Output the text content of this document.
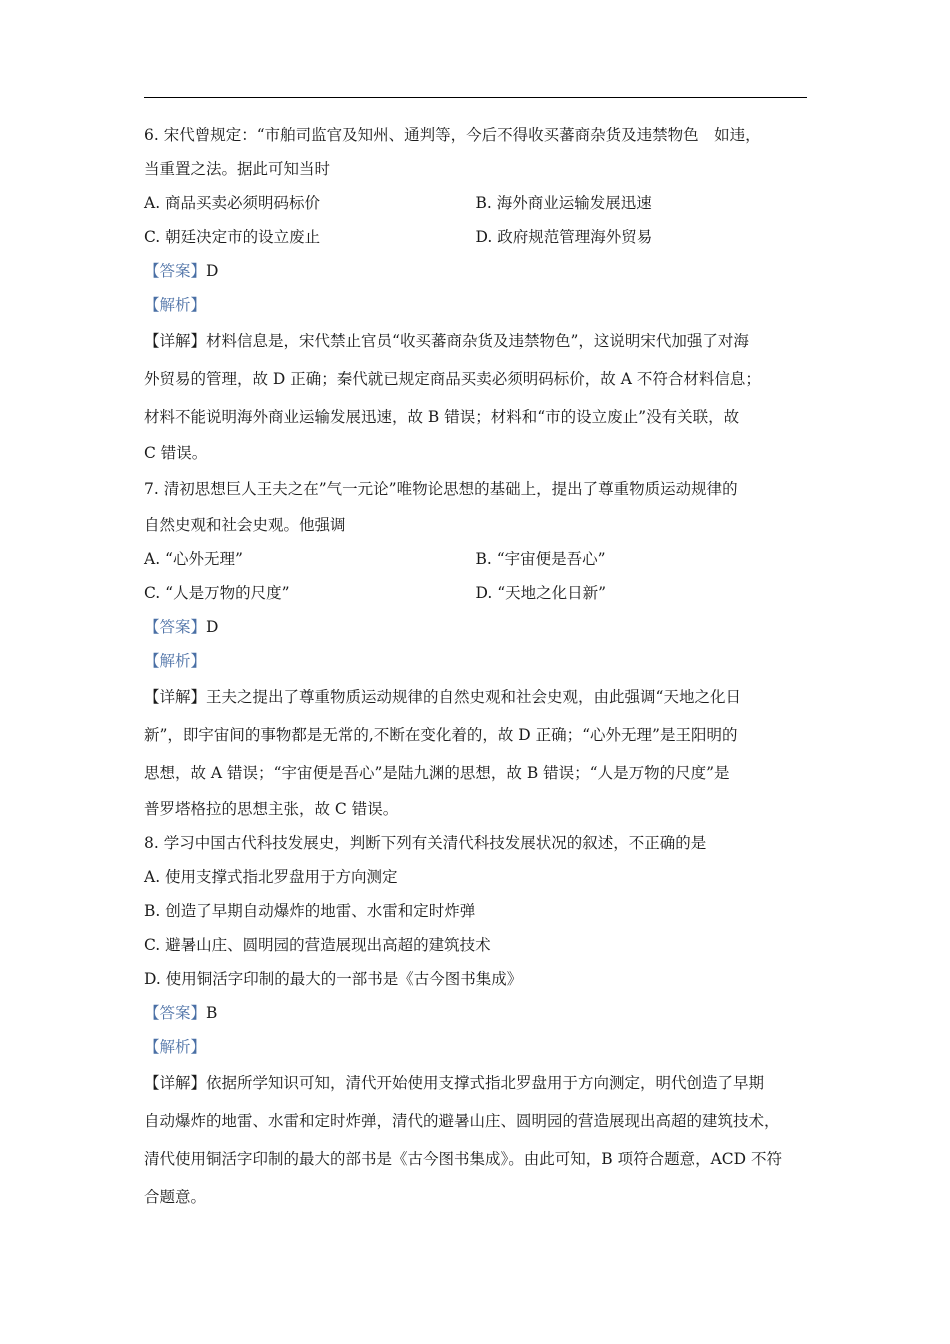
6. 宋代曾规定：“市舶司监官及知州、通判等，今后不得收买蕃商杂货及违禁物色　如违，
当重置之法。据此可知当时
A. 商品买卖必须明码标价	B. 海外商业运输发展迅速
C. 朝廷决定市的设立废止	D. 政府规范管理海外贸易
【答案】D
【解析】
【详解】材料信息是，宋代禁止官员“收买蕃商杂货及违禁物色”，这说明宋代加强了对海
外贸易的管理，故 D 正确；秦代就已规定商品买卖必须明码标价，故 A 不符合材料信息；
材料不能说明海外商业运输发展迅速，故 B 错误；材料和“市的设立废止”没有关联，故
C 错误。
7. 清初思想巨人王夫之在”气一元论”唯物论思想的基础上，提出了尊重物质运动规律的
自然史观和社会史观。他强调
A. “心外无理”	B. “宇宙便是吾心”
C. “人是万物的尺度”	D. “天地之化日新”
【答案】D
【解析】
【详解】王夫之提出了尊重物质运动规律的自然史观和社会史观，由此强调“天地之化日
新”，即宇宙间的事物都是无常的,不断在变化着的，故 D 正确；“心外无理”是王阳明的
思想，故 A 错误；“宇宙便是吾心”是陆九渊的思想，故 B 错误；“人是万物的尺度”是
普罗塔格拉的思想主张，故 C 错误。
8. 学习中国古代科技发展史，判断下列有关清代科技发展状况的叙述，不正确的是
A. 使用支撑式指北罗盘用于方向测定
B. 创造了早期自动爆炸的地雷、水雷和定时炸弹
C. 避暑山庄、圆明园的营造展现出高超的建筑技术
D. 使用铜活字印制的最大的一部书是《古今图书集成》
【答案】B
【解析】
【详解】依据所学知识可知，清代开始使用支撑式指北罗盘用于方向测定，明代创造了早期
自动爆炸的地雷、水雷和定时炸弹，清代的避暑山庄、圆明园的营造展现出高超的建筑技术，
清代使用铜活字印制的最大的部书是《古今图书集成》。由此可知，B 项符合题意，ACD 不符
合题意。
